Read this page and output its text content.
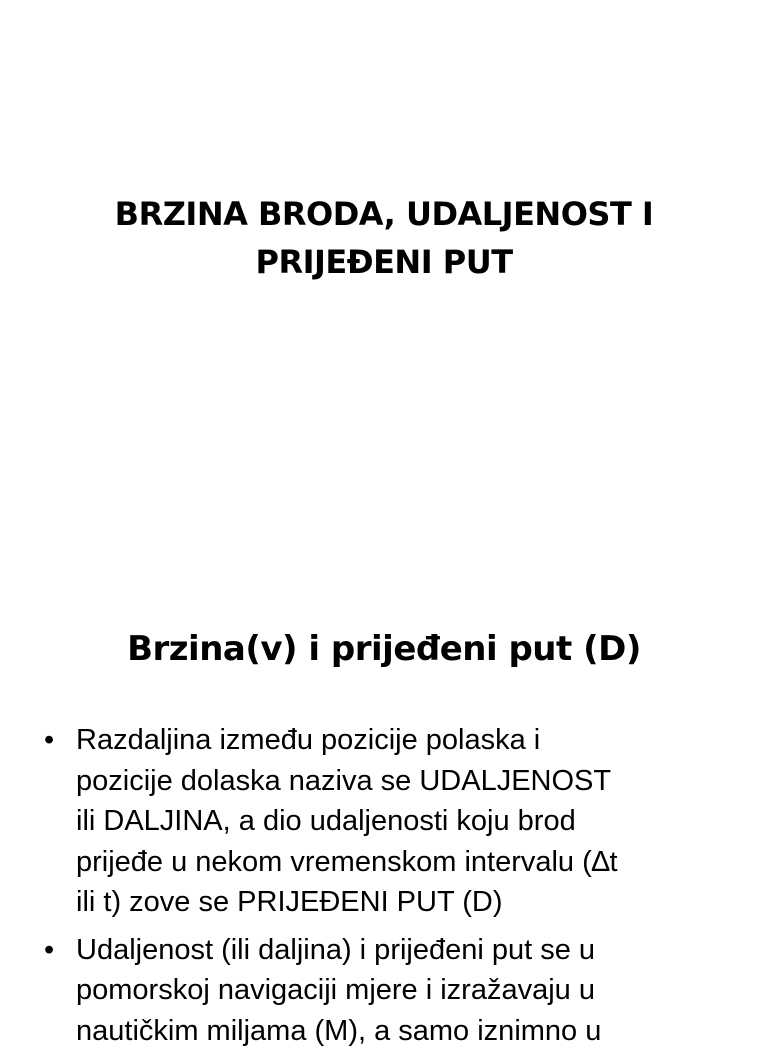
BRZINA BRODA, UDALJENOST I
PRIJEĐENI PUT
Brzina(v) i prijeđeni put (D)
• Razdaljina između pozicije polaska i
pozicije dolaska naziva se UDALJENOST
ili DALJINA, a dio udaljenosti koju brod
prijeđe u nekom vremenskom intervalu (∆t
ili t) zove se PRIJEĐENI PUT (D)
• Udaljenost (ili daljina) i prijeđeni put se u
pomorskoj navigaciji mjere i izražavaju u
nautičkim miljama (M), a samo iznimno u
